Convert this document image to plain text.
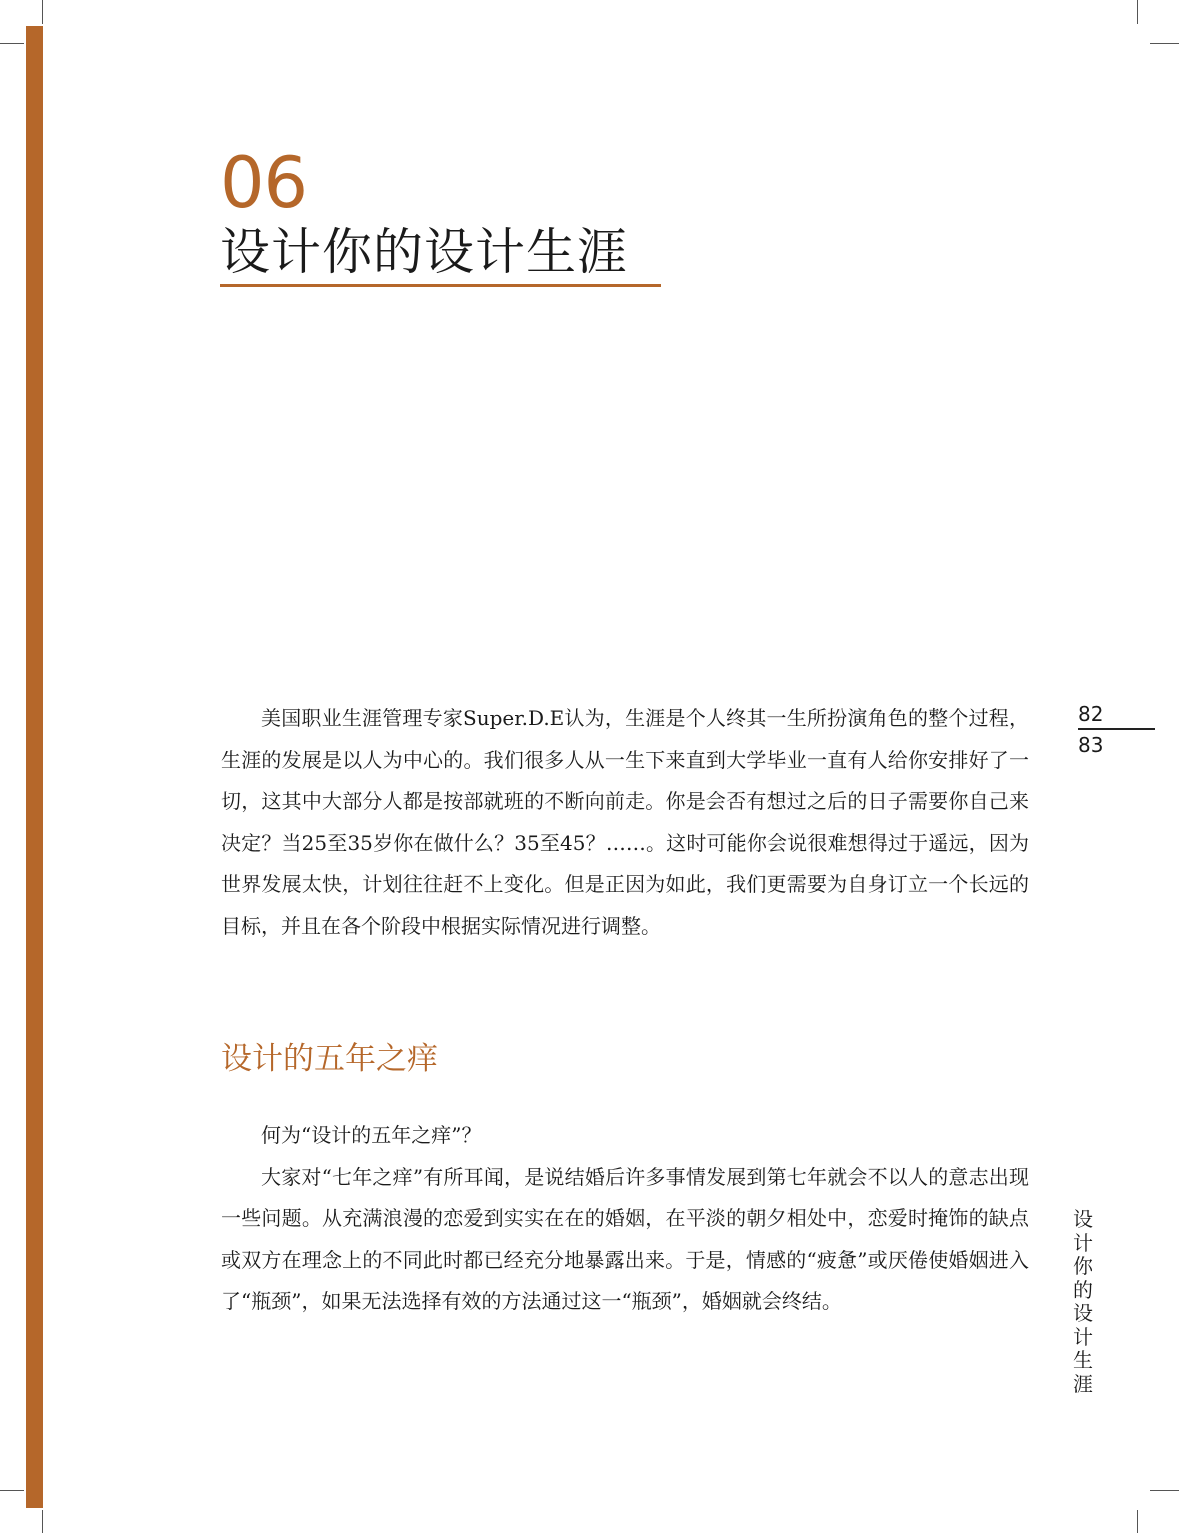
06
设计你的设计生涯

美国职业生涯管理专家Super.D.E认为，生涯是个人终其一生所扮演角色的整个过程，生涯的发展是以人为中心的。我们很多人从一生下来直到大学毕业一直有人给你安排好了一切，这其中大部分人都是按部就班的不断向前走。你是会否有想过之后的日子需要你自己来决定？当25至35岁你在做什么？35至45？……。这时可能你会说很难想得过于遥远，因为世界发展太快，计划往往赶不上变化。但是正因为如此，我们更需要为自身订立一个长远的目标，并且在各个阶段中根据实际情况进行调整。

设计的五年之痒

何为“设计的五年之痒”？

大家对“七年之痒”有所耳闻，是说结婚后许多事情发展到第七年就会不以人的意志出现一些问题。从充满浪漫的恋爱到实实在在的婚姻，在平淡的朝夕相处中，恋爱时掩饰的缺点或双方在理念上的不同此时都已经充分地暴露出来。于是，情感的“疲惫”或厌倦使婚姻进入了“瓶颈”，如果无法选择有效的方法通过这一“瓶颈”，婚姻就会终结。

82
83
设计你的设计生涯
